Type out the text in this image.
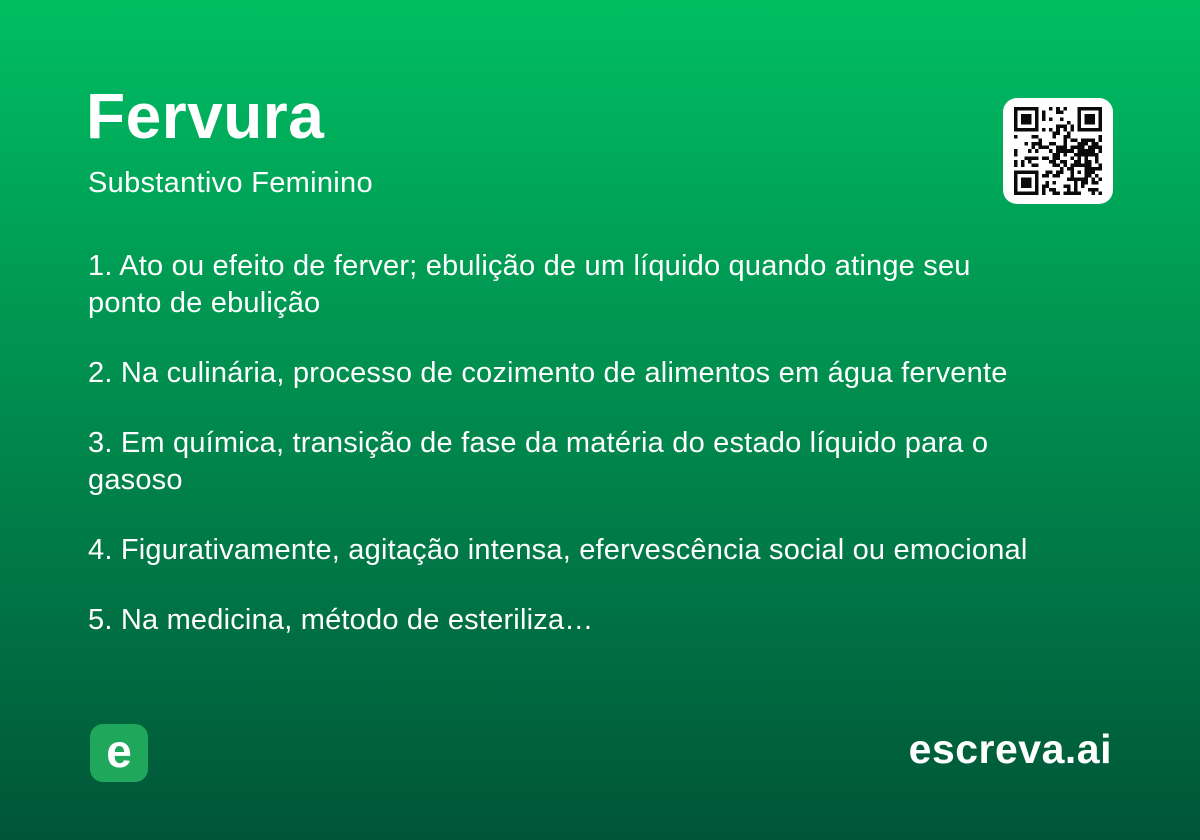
Fervura

Substantivo Feminino

1. Ato ou efeito de ferver; ebulição de um líquido quando atinge seu ponto de ebulição

2. Na culinária, processo de cozimento de alimentos em água fervente

3. Em química, transição de fase da matéria do estado líquido para o gasoso

4. Figurativamente, agitação intensa, efervescência social ou emocional

5. Na medicina, método de esteriliza…

e	escreva.ai
